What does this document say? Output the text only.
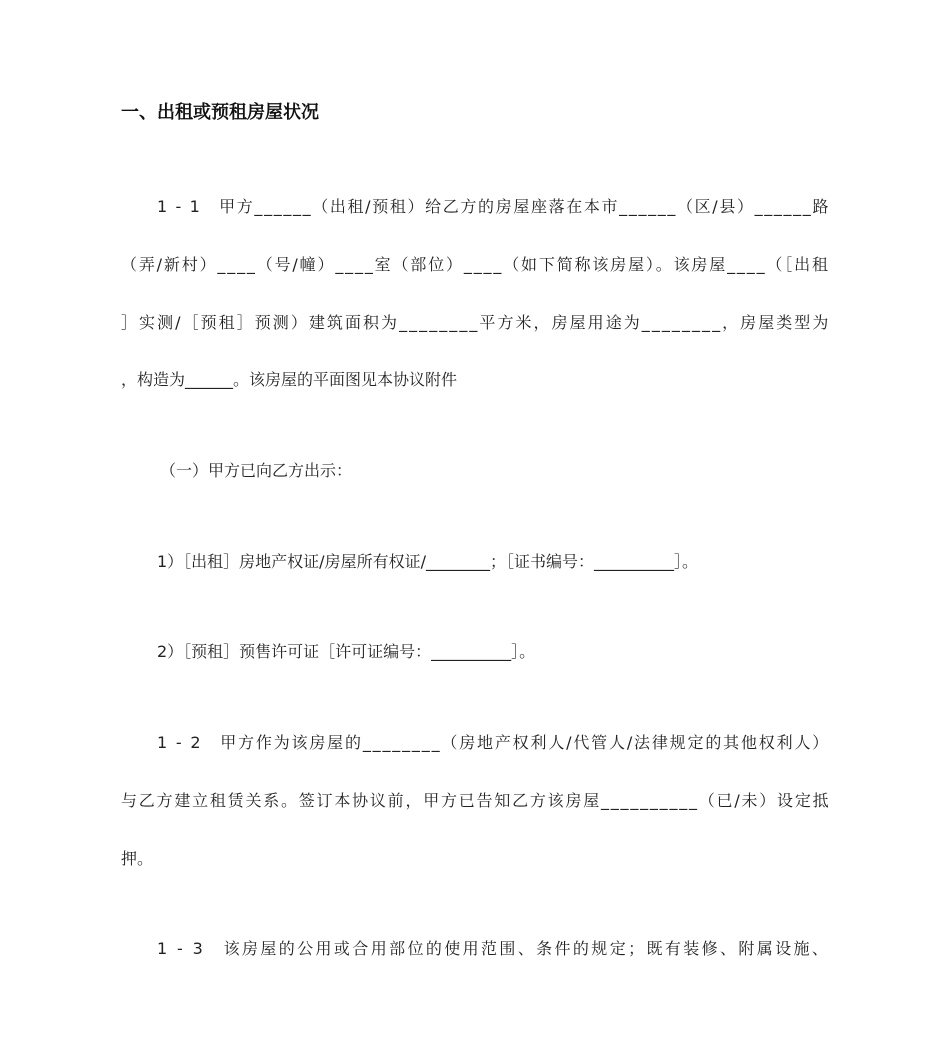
一、出租或预租房屋状况
1 - 1　甲方______（出租/预租）给乙方的房屋座落在本市______（区/县）______路
（弄/新村）____（号/幢）____室（部位）____（如下简称该房屋）。该房屋____（［出租
］实测/［预租］预测）建筑面积为________平方米，房屋用途为________，房屋类型为
，构造为______。该房屋的平面图见本协议附件
（一）甲方已向乙方出示：
1）［出租］房地产权证/房屋所有权证/________；［证书编号：__________］。
2）［预租］预售许可证［许可证编号：__________］。
1 - 2　甲方作为该房屋的________（房地产权利人/代管人/法律规定的其他权利人）
与乙方建立租赁关系。签订本协议前，甲方已告知乙方该房屋__________（已/未）设定抵
押。
1 - 3　该房屋的公用或合用部位的使用范围、条件的规定；既有装修、附属设施、
